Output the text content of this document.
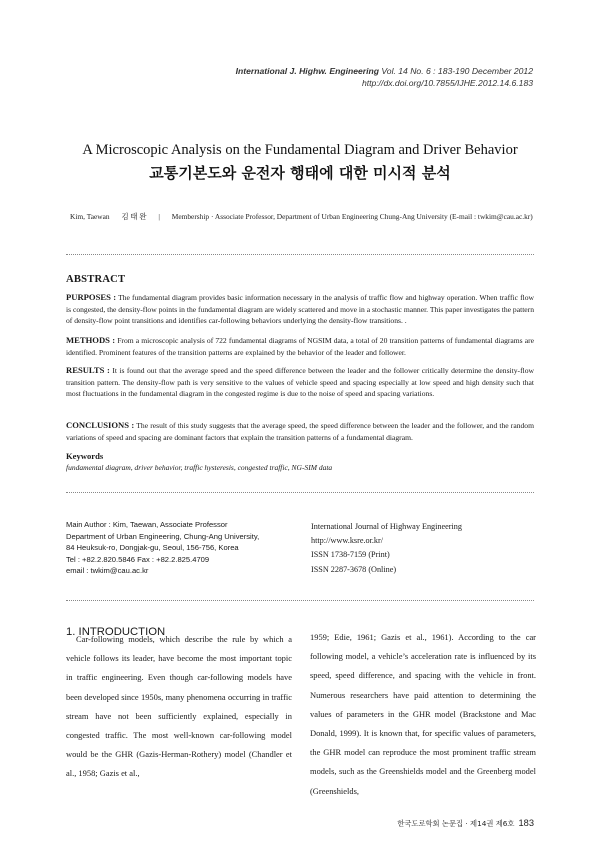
International J. Highw. Engineering Vol. 14 No. 6 : 183-190 December 2012
http://dx.doi.org/10.7855/IJHE.2012.14.6.183
A Microscopic Analysis on the Fundamental Diagram and Driver Behavior
교통기본도와 운전자 행태에 대한 미시적 분석
Kim, Taewan 김 태 완 | Membership · Associate Professor, Department of Urban Engineering Chung-Ang University (E-mail : twkim@cau.ac.kr)
ABSTRACT
PURPOSES : The fundamental diagram provides basic information necessary in the analysis of traffic flow and highway operation. When traffic flow is congested, the density-flow points in the fundamental diagram are widely scattered and move in a stochastic manner. This paper investigates the pattern of density-flow point transitions and identifies car-following behaviors underlying the density-flow transitions. .
METHODS : From a microscopic analysis of 722 fundamental diagrams of NGSIM data, a total of 20 transition patterns of fundamental diagrams are identified. Prominent features of the transition patterns are explained by the behavior of the leader and follower.
RESULTS : It is found out that the average speed and the speed difference between the leader and the follower critically determine the density-flow transition pattern. The density-flow path is very sensitive to the values of vehicle speed and spacing especially at low speed and high density such that most fluctuations in the fundamental diagram in the congested regime is due to the noise of speed and spacing variations.
CONCLUSIONS : The result of this study suggests that the average speed, the speed difference between the leader and the follower, and the random variations of speed and spacing are dominant factors that explain the transition patterns of a fundamental diagram.
Keywords
fundamental diagram, driver behavior, traffic hysteresis, congested traffic, NG-SIM data
Main Author : Kim, Taewan, Associate Professor
Department of Urban Engineering, Chung-Ang University,
84 Heuksuk-ro, Dongjak-gu, Seoul, 156-756, Korea
Tel : +82.2.820.5846 Fax : +82.2.825.4709
email : twkim@cau.ac.kr
International Journal of Highway Engineering
http://www.ksre.or.kr/
ISSN 1738-7159 (Print)
ISSN 2287-3678 (Online)
1. INTRODUCTION

Car-following models, which describe the rule by which a vehicle follows its leader, have become the most important topic in traffic engineering. Even though car-following models have been developed since 1950s, many phenomena occurring in traffic stream have not been sufficiently explained, especially in congested traffic. The most well-known car-following model would be the GHR (Gazis-Herman-Rothery) model (Chandler et al., 1958; Gazis et al.,

1959; Edie, 1961; Gazis et al., 1961). According to the car following model, a vehicle’s acceleration rate is influenced by its speed, speed difference, and spacing with the vehicle in front. Numerous researchers have paid attention to determining the values of parameters in the GHR model (Brackstone and Mac Donald, 1999). It is known that, for specific values of parameters, the GHR model can reproduce the most prominent traffic stream models, such as the Greenshields model and the Greenberg model (Greenshields,

한국도로학회 논문집 · 제14권 제6호 183
